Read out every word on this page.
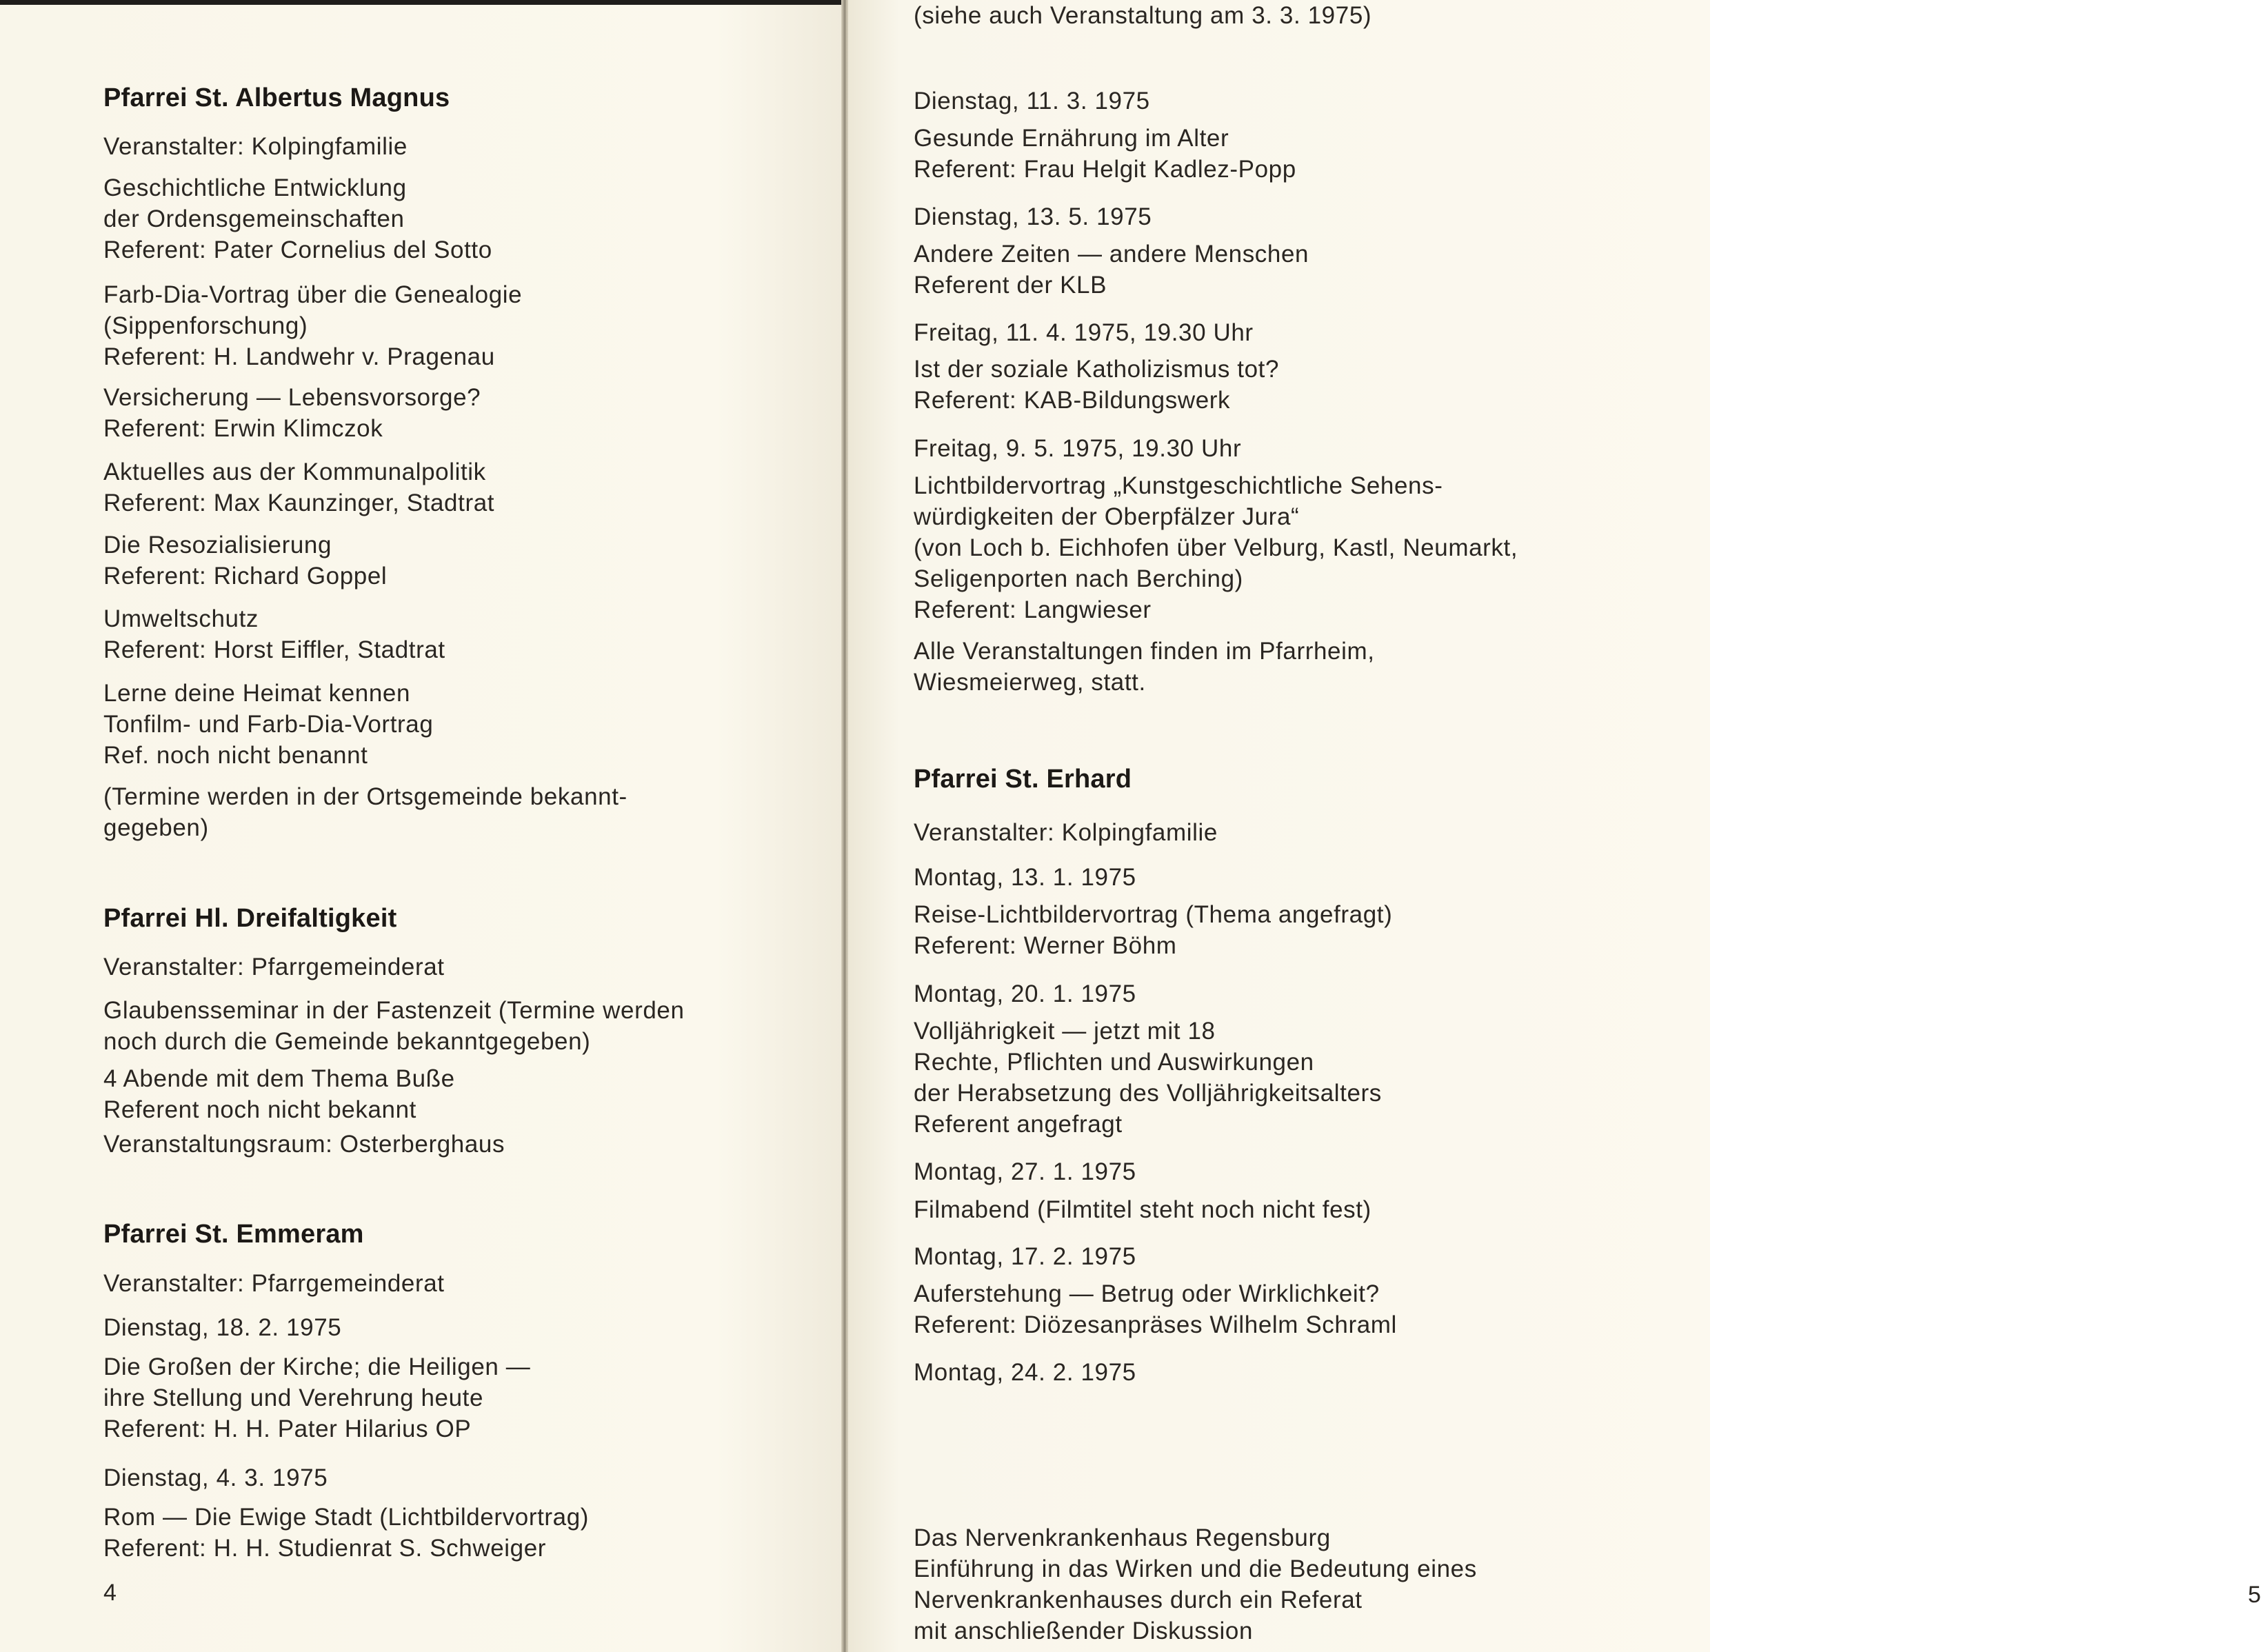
Pfarrei St. Albertus Magnus
Veranstalter: Kolpingfamilie
Geschichtliche Entwicklung
der Ordensgemeinschaften
Referent: Pater Cornelius del Sotto
Farb-Dia-Vortrag über die Genealogie
(Sippenforschung)
Referent: H. Landwehr v. Pragenau
Versicherung — Lebensvorsorge?
Referent: Erwin Klimczok
Aktuelles aus der Kommunalpolitik
Referent: Max Kaunzinger, Stadtrat
Die Resozialisierung
Referent: Richard Goppel
Umweltschutz
Referent: Horst Eiffler, Stadtrat
Lerne deine Heimat kennen
Tonfilm- und Farb-Dia-Vortrag
Ref. noch nicht benannt
(Termine werden in der Ortsgemeinde bekannt-
gegeben)
Pfarrei Hl. Dreifaltigkeit
Veranstalter: Pfarrgemeinderat
Glaubensseminar in der Fastenzeit (Termine werden
noch durch die Gemeinde bekanntgegeben)
4 Abende mit dem Thema Buße
Referent noch nicht bekannt
Veranstaltungsraum: Osterberghaus
Pfarrei St. Emmeram
Veranstalter: Pfarrgemeinderat
Dienstag, 18. 2. 1975
Die Großen der Kirche; die Heiligen —
ihre Stellung und Verehrung heute
Referent: H. H. Pater Hilarius OP
Dienstag, 4. 3. 1975
Rom — Die Ewige Stadt (Lichtbildervortrag)
Referent: H. H. Studienrat S. Schweiger
4
Dienstag, 11. 3. 1975
Gesunde Ernährung im Alter
Referent: Frau Helgit Kadlez-Popp
Dienstag, 13. 5. 1975
Andere Zeiten — andere Menschen
Referent der KLB
Freitag, 11. 4. 1975, 19.30 Uhr
Ist der soziale Katholizismus tot?
Referent: KAB-Bildungswerk
Freitag, 9. 5. 1975, 19.30 Uhr
Lichtbildervortrag „Kunstgeschichtliche Sehens-
würdigkeiten der Oberpfälzer Jura“
(von Loch b. Eichhofen über Velburg, Kastl, Neumarkt,
Seligenporten nach Berching)
Referent: Langwieser
Alle Veranstaltungen finden im Pfarrheim,
Wiesmeierweg, statt.
Pfarrei St. Erhard
Veranstalter: Kolpingfamilie
Montag, 13. 1. 1975
Reise-Lichtbildervortrag (Thema angefragt)
Referent: Werner Böhm
Montag, 20. 1. 1975
Volljährigkeit — jetzt mit 18
Rechte, Pflichten und Auswirkungen
der Herabsetzung des Volljährigkeitsalters
Referent angefragt
Montag, 27. 1. 1975
Filmabend (Filmtitel steht noch nicht fest)
Montag, 17. 2. 1975
Auferstehung — Betrug oder Wirklichkeit?
Referent: Diözesanpräses Wilhelm Schraml
Montag, 24. 2. 1975
Das Nervenkrankenhaus Regensburg
Einführung in das Wirken und die Bedeutung eines
Nervenkrankenhauses durch ein Referat
mit anschließender Diskussion
(siehe auch Veranstaltung am 3. 3. 1975)
5
